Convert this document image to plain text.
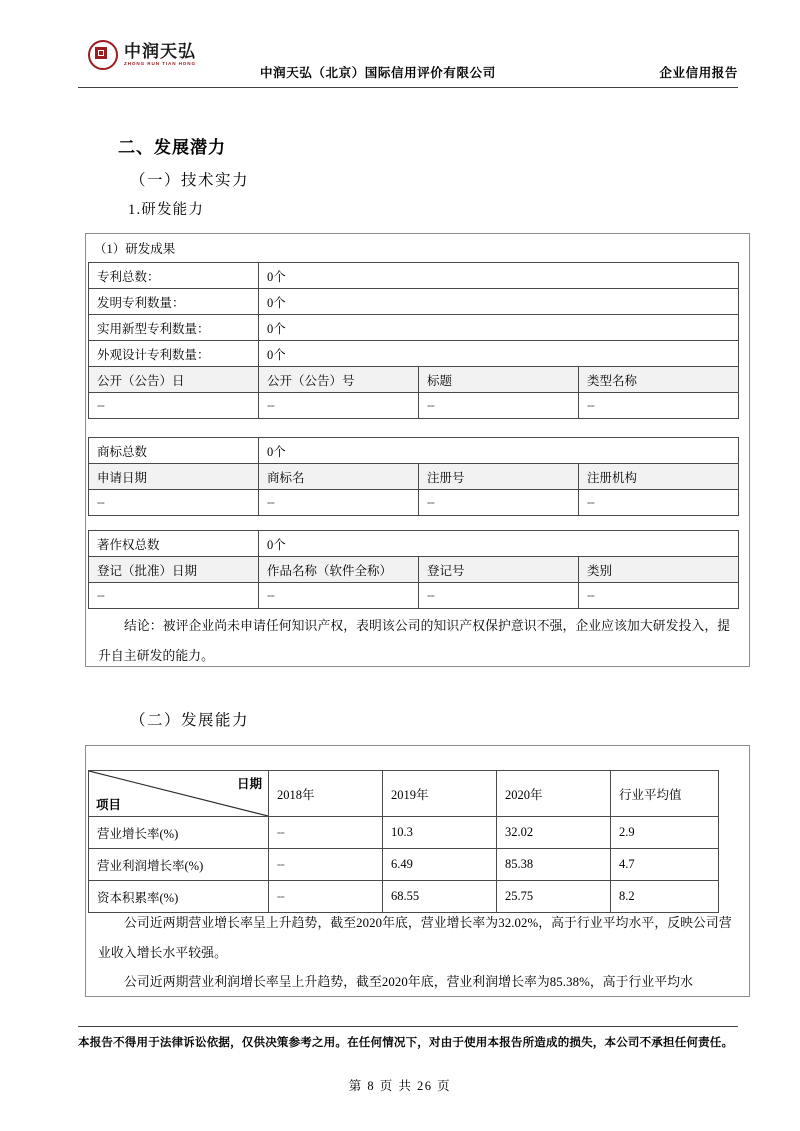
中润天弘
ZHONG RUN TIAN HONG
中润天弘（北京）国际信用评价有限公司	企业信用报告
二、发展潜力
（一）技术实力
1.研发能力
（1）研发成果
专利总数：	0个		
发明专利数量：	0个		
实用新型专利数量：	0个		
外观设计专利数量：	0个		
公开（公告）日	公开（公告）号	标题	类型名称
--	--	--	--
商标总数	0个		
申请日期	商标名	注册号	注册机构
--	--	--	--
著作权总数	0个		
登记（批准）日期	作品名称（软件全称）	登记号	类别
--	--	--	--
结论：被评企业尚未申请任何知识产权，表明该公司的知识产权保护意识不强，企业应该加大研发投入，提升自主研发的能力。
（二）发展能力
日期
项目	2018年	2019年	2020年	行业平均值
营业增长率(%)	--	10.3	32.02	2.9
营业利润增长率(%)	--	6.49	85.38	4.7
资本积累率(%)	--	68.55	25.75	8.2
公司近两期营业增长率呈上升趋势，截至2020年底，营业增长率为32.02%，高于行业平均水平，反映公司营业收入增长水平较强。
公司近两期营业利润增长率呈上升趋势，截至2020年底，营业利润增长率为85.38%，高于行业平均水
本报告不得用于法律诉讼依据，仅供决策参考之用。在任何情况下，对由于使用本报告所造成的损失，本公司不承担任何责任。
第 8 页 共 26 页
